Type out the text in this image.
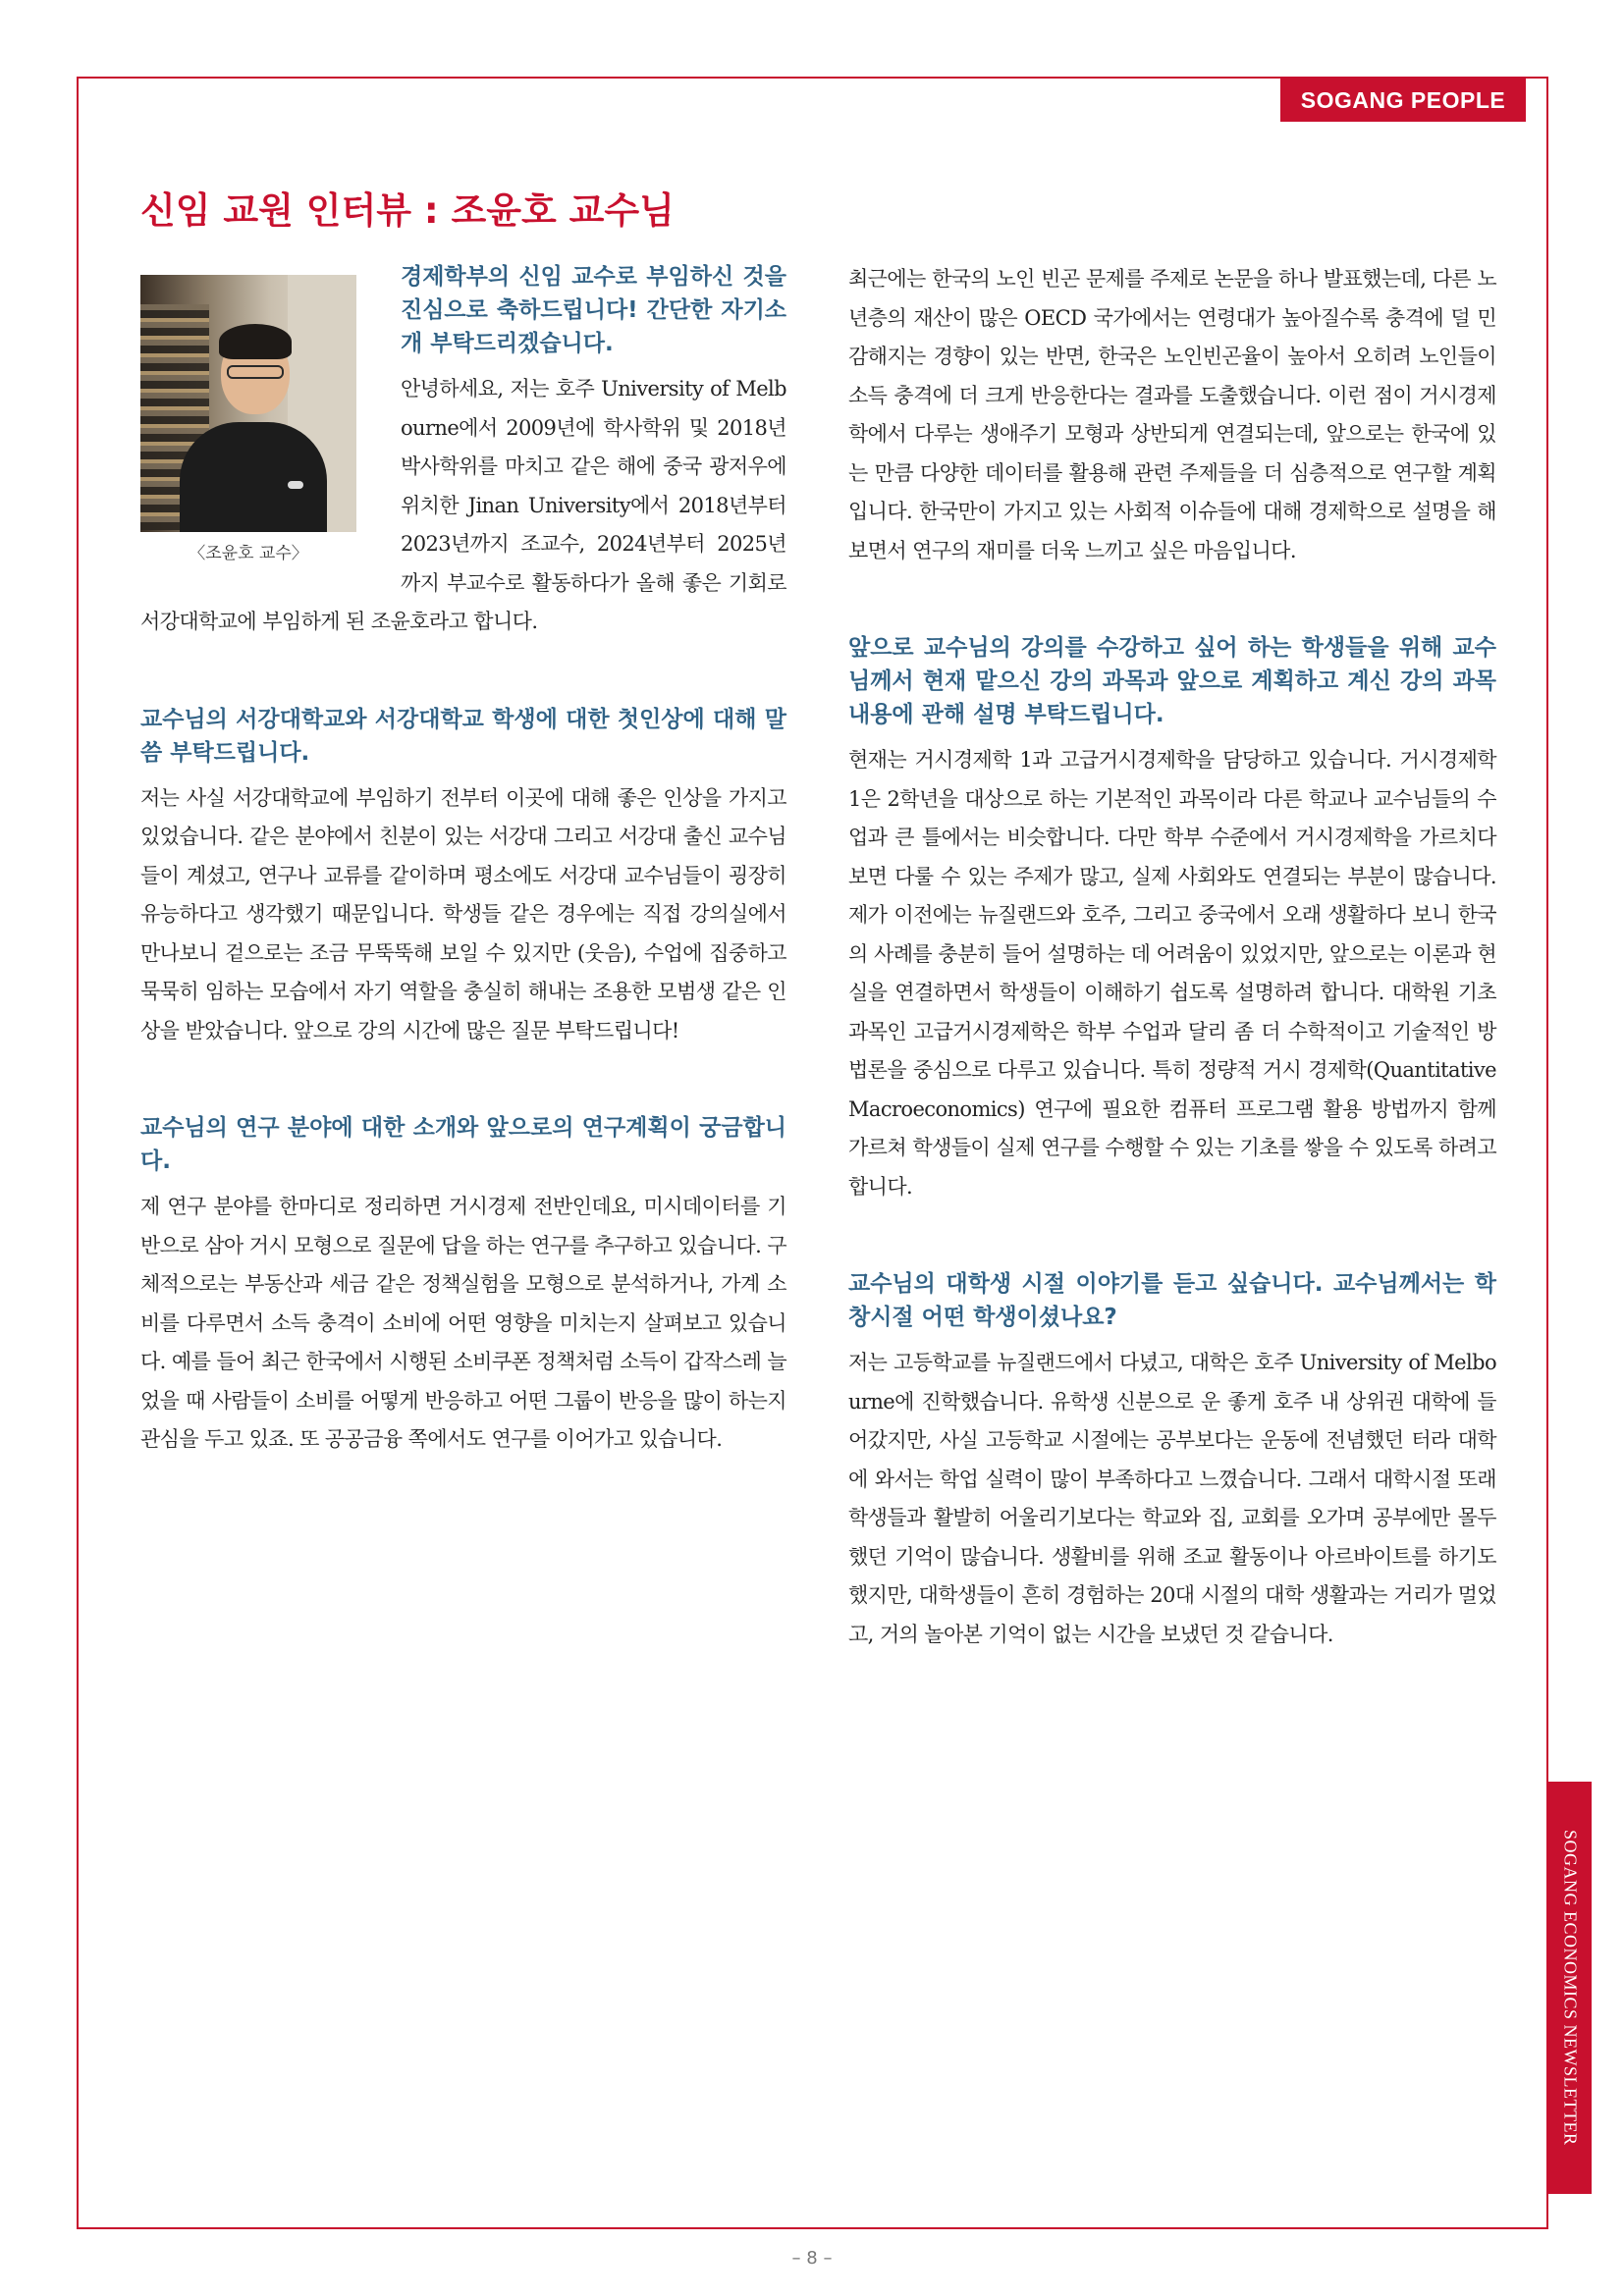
SOGANG PEOPLE
SOGANG ECONOMICS NEWSLETTER
신임 교원 인터뷰 : 조윤호 교수님
〈조윤호 교수〉
경제학부의 신임 교수로 부임하신 것을 진심으로 축하드립니다! 간단한 자기소개 부탁드리겠습니다.

안녕하세요, 저는 호주 University of Melbourne에서 2009년에 학사학위 및 2018년 박사학위를 마치고 같은 해에 중국 광저우에 위치한 Jinan University에서 2018년부터 2023년까지 조교수, 2024년부터 2025년까지 부교수로 활동하다가 올해 좋은 기회로 서강대학교에 부임하게 된 조윤호라고 합니다.

교수님의 서강대학교와 서강대학교 학생에 대한 첫인상에 대해 말씀 부탁드립니다.

저는 사실 서강대학교에 부임하기 전부터 이곳에 대해 좋은 인상을 가지고 있었습니다. 같은 분야에서 친분이 있는 서강대 그리고 서강대 출신 교수님들이 계셨고, 연구나 교류를 같이하며 평소에도 서강대 교수님들이 굉장히 유능하다고 생각했기 때문입니다. 학생들 같은 경우에는 직접 강의실에서 만나보니 겉으로는 조금 무뚝뚝해 보일 수 있지만 (웃음), 수업에 집중하고 묵묵히 임하는 모습에서 자기 역할을 충실히 해내는 조용한 모범생 같은 인상을 받았습니다. 앞으로 강의 시간에 많은 질문 부탁드립니다!

교수님의 연구 분야에 대한 소개와 앞으로의 연구계획이 궁금합니다.

제 연구 분야를 한마디로 정리하면 거시경제 전반인데요, 미시데이터를 기반으로 삼아 거시 모형으로 질문에 답을 하는 연구를 추구하고 있습니다. 구체적으로는 부동산과 세금 같은 정책실험을 모형으로 분석하거나, 가계 소비를 다루면서 소득 충격이 소비에 어떤 영향을 미치는지 살펴보고 있습니다. 예를 들어 최근 한국에서 시행된 소비쿠폰 정책처럼 소득이 갑작스레 늘었을 때 사람들이 소비를 어떻게 반응하고 어떤 그룹이 반응을 많이 하는지 관심을 두고 있죠. 또 공공금융 쪽에서도 연구를 이어가고 있습니다.

최근에는 한국의 노인 빈곤 문제를 주제로 논문을 하나 발표했는데, 다른 노년층의 재산이 많은 OECD 국가에서는 연령대가 높아질수록 충격에 덜 민감해지는 경향이 있는 반면, 한국은 노인빈곤율이 높아서 오히려 노인들이 소득 충격에 더 크게 반응한다는 결과를 도출했습니다. 이런 점이 거시경제학에서 다루는 생애주기 모형과 상반되게 연결되는데, 앞으로는 한국에 있는 만큼 다양한 데이터를 활용해 관련 주제들을 더 심층적으로 연구할 계획입니다. 한국만이 가지고 있는 사회적 이슈들에 대해 경제학으로 설명을 해보면서 연구의 재미를 더욱 느끼고 싶은 마음입니다.

앞으로 교수님의 강의를 수강하고 싶어 하는 학생들을 위해 교수님께서 현재 맡으신 강의 과목과 앞으로 계획하고 계신 강의 과목 내용에 관해 설명 부탁드립니다.

현재는 거시경제학 1과 고급거시경제학을 담당하고 있습니다. 거시경제학 1은 2학년을 대상으로 하는 기본적인 과목이라 다른 학교나 교수님들의 수업과 큰 틀에서는 비슷합니다. 다만 학부 수준에서 거시경제학을 가르치다 보면 다룰 수 있는 주제가 많고, 실제 사회와도 연결되는 부분이 많습니다. 제가 이전에는 뉴질랜드와 호주, 그리고 중국에서 오래 생활하다 보니 한국의 사례를 충분히 들어 설명하는 데 어려움이 있었지만, 앞으로는 이론과 현실을 연결하면서 학생들이 이해하기 쉽도록 설명하려 합니다. 대학원 기초과목인 고급거시경제학은 학부 수업과 달리 좀 더 수학적이고 기술적인 방법론을 중심으로 다루고 있습니다. 특히 정량적 거시 경제학(Quantitative Macroeconomics) 연구에 필요한 컴퓨터 프로그램 활용 방법까지 함께 가르쳐 학생들이 실제 연구를 수행할 수 있는 기초를 쌓을 수 있도록 하려고 합니다.

교수님의 대학생 시절 이야기를 듣고 싶습니다. 교수님께서는 학창시절 어떤 학생이셨나요?

저는 고등학교를 뉴질랜드에서 다녔고, 대학은 호주 University of Melbourne에 진학했습니다. 유학생 신분으로 운 좋게 호주 내 상위권 대학에 들어갔지만, 사실 고등학교 시절에는 공부보다는 운동에 전념했던 터라 대학에 와서는 학업 실력이 많이 부족하다고 느꼈습니다. 그래서 대학시절 또래 학생들과 활발히 어울리기보다는 학교와 집, 교회를 오가며 공부에만 몰두했던 기억이 많습니다. 생활비를 위해 조교 활동이나 아르바이트를 하기도 했지만, 대학생들이 흔히 경험하는 20대 시절의 대학 생활과는 거리가 멀었고, 거의 놀아본 기억이 없는 시간을 보냈던 것 같습니다.

– 8 –
